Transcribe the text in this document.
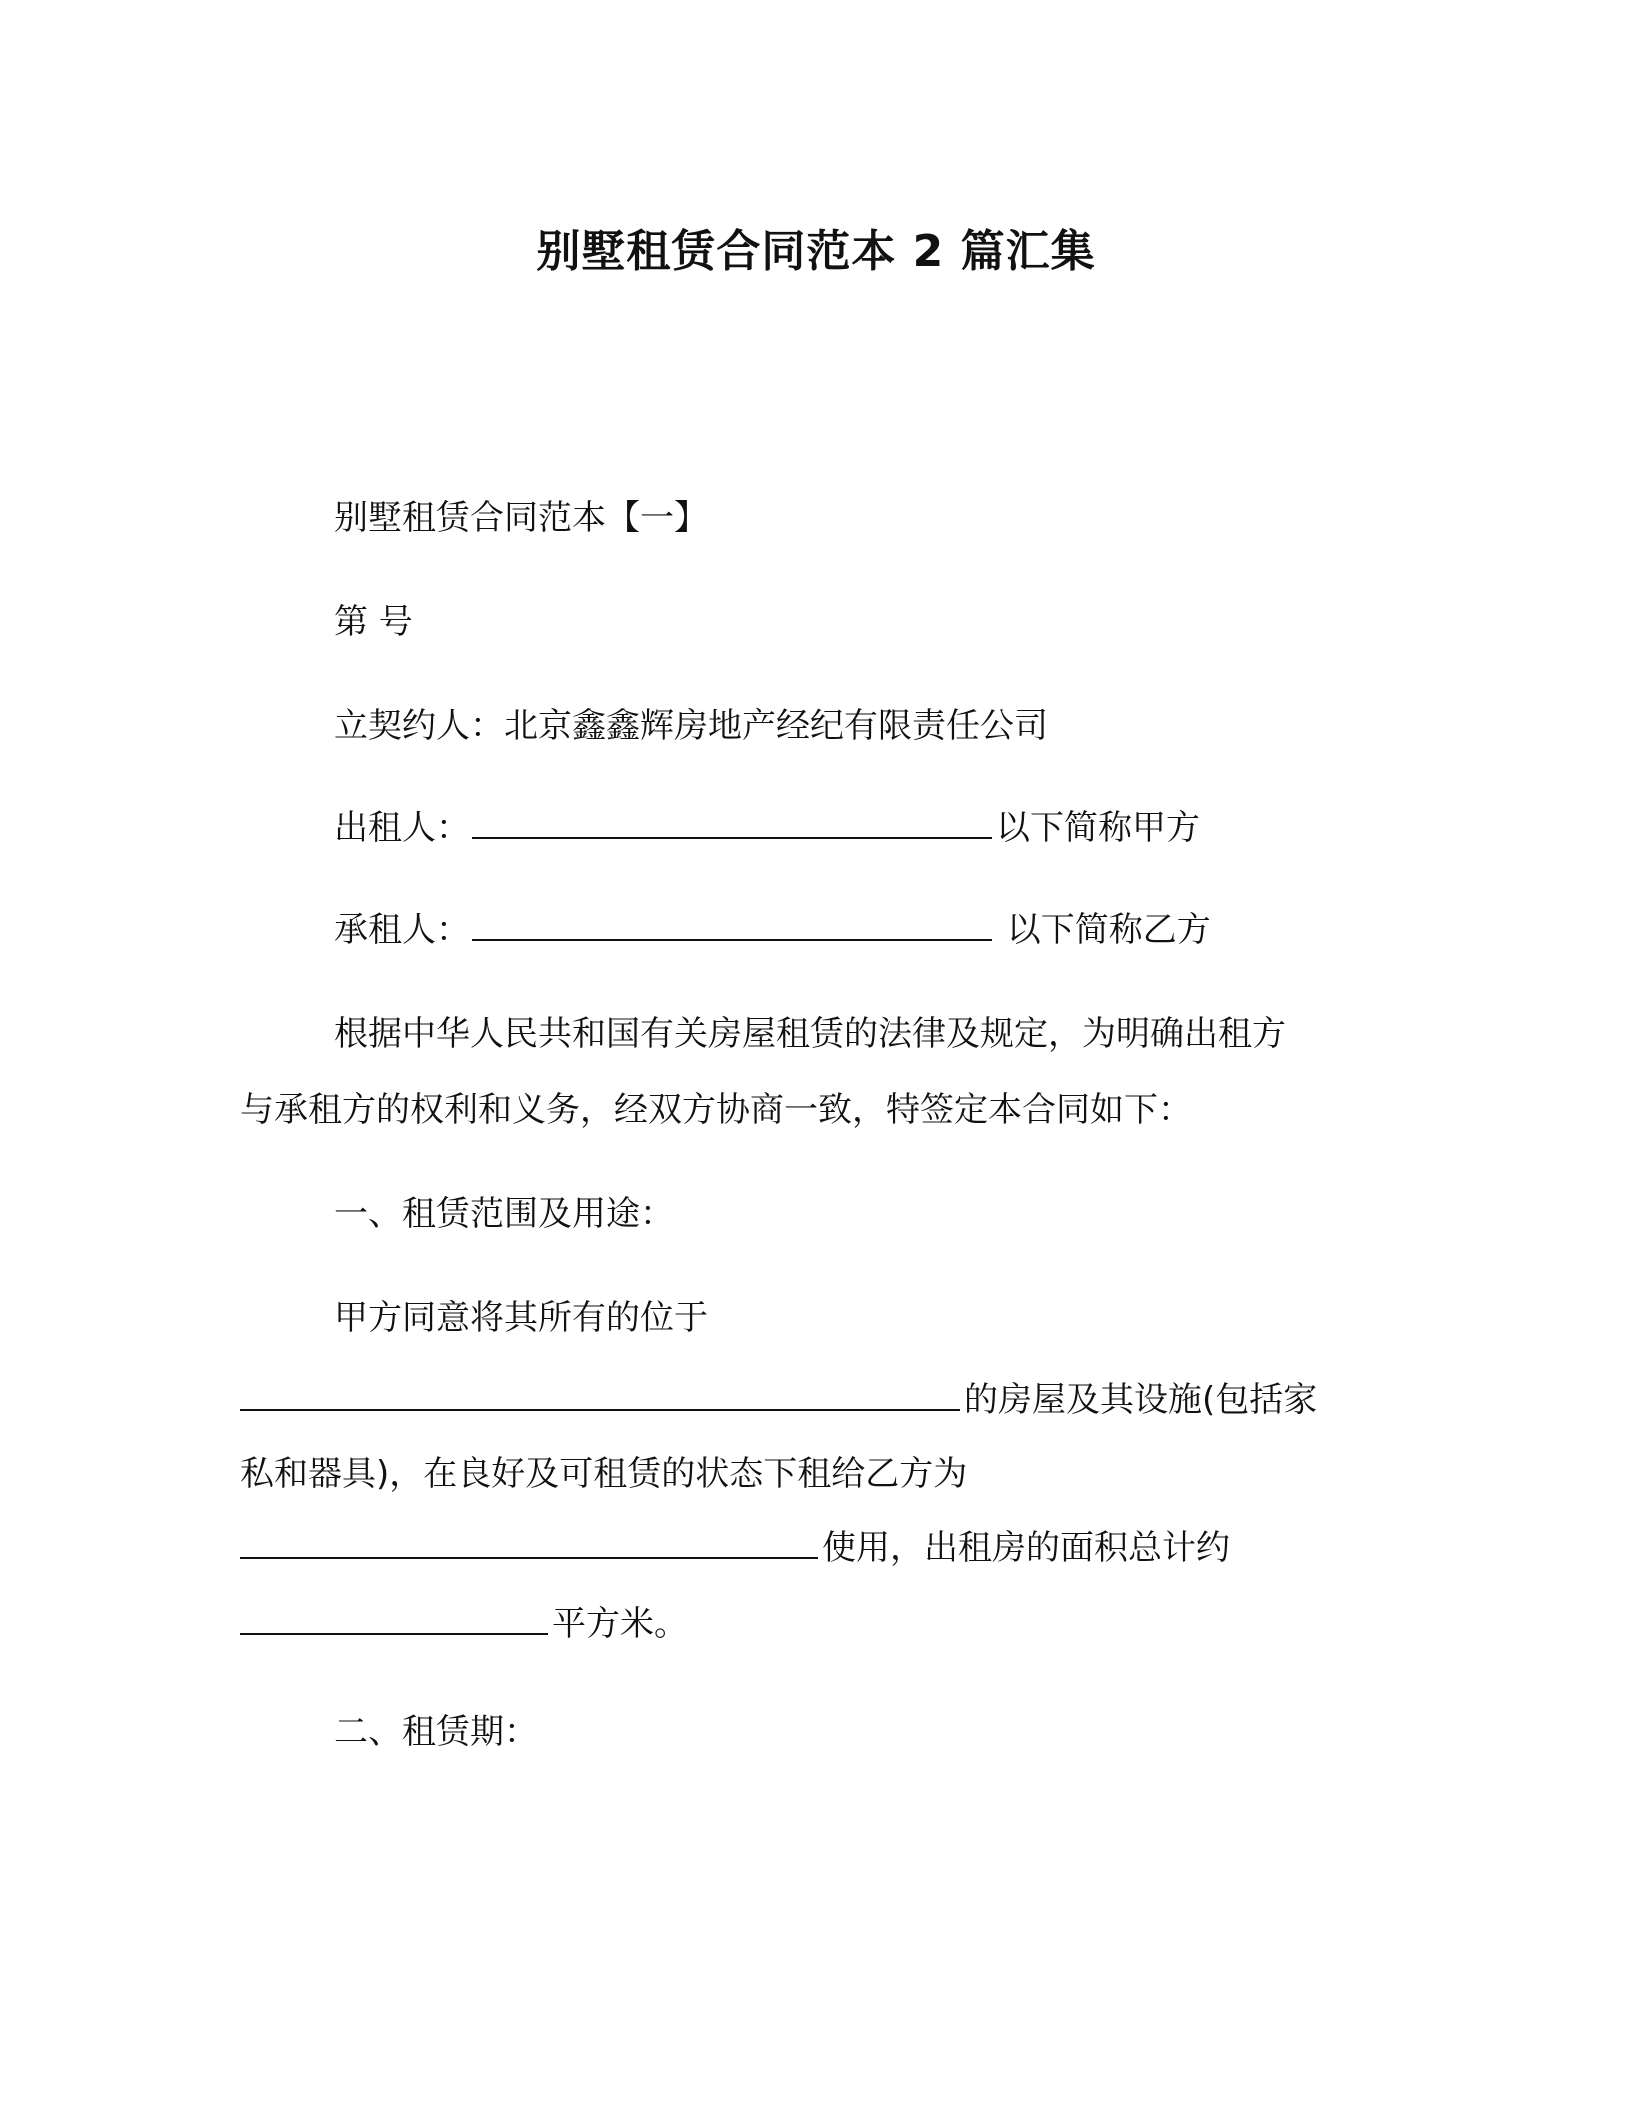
别墅租赁合同范本 2 篇汇集
别墅租赁合同范本【一】
第 号
立契约人：北京鑫鑫辉房地产经纪有限责任公司
出租人：	以下简称甲方
承租人：	以下简称乙方
根据中华人民共和国有关房屋租赁的法律及规定，为明确出租方
与承租方的权利和义务，经双方协商一致，特签定本合同如下：
一、租赁范围及用途：
甲方同意将其所有的位于
的房屋及其设施(包括家
私和器具)，在良好及可租赁的状态下租给乙方为
使用，出租房的面积总计约
平方米。
二、租赁期：
